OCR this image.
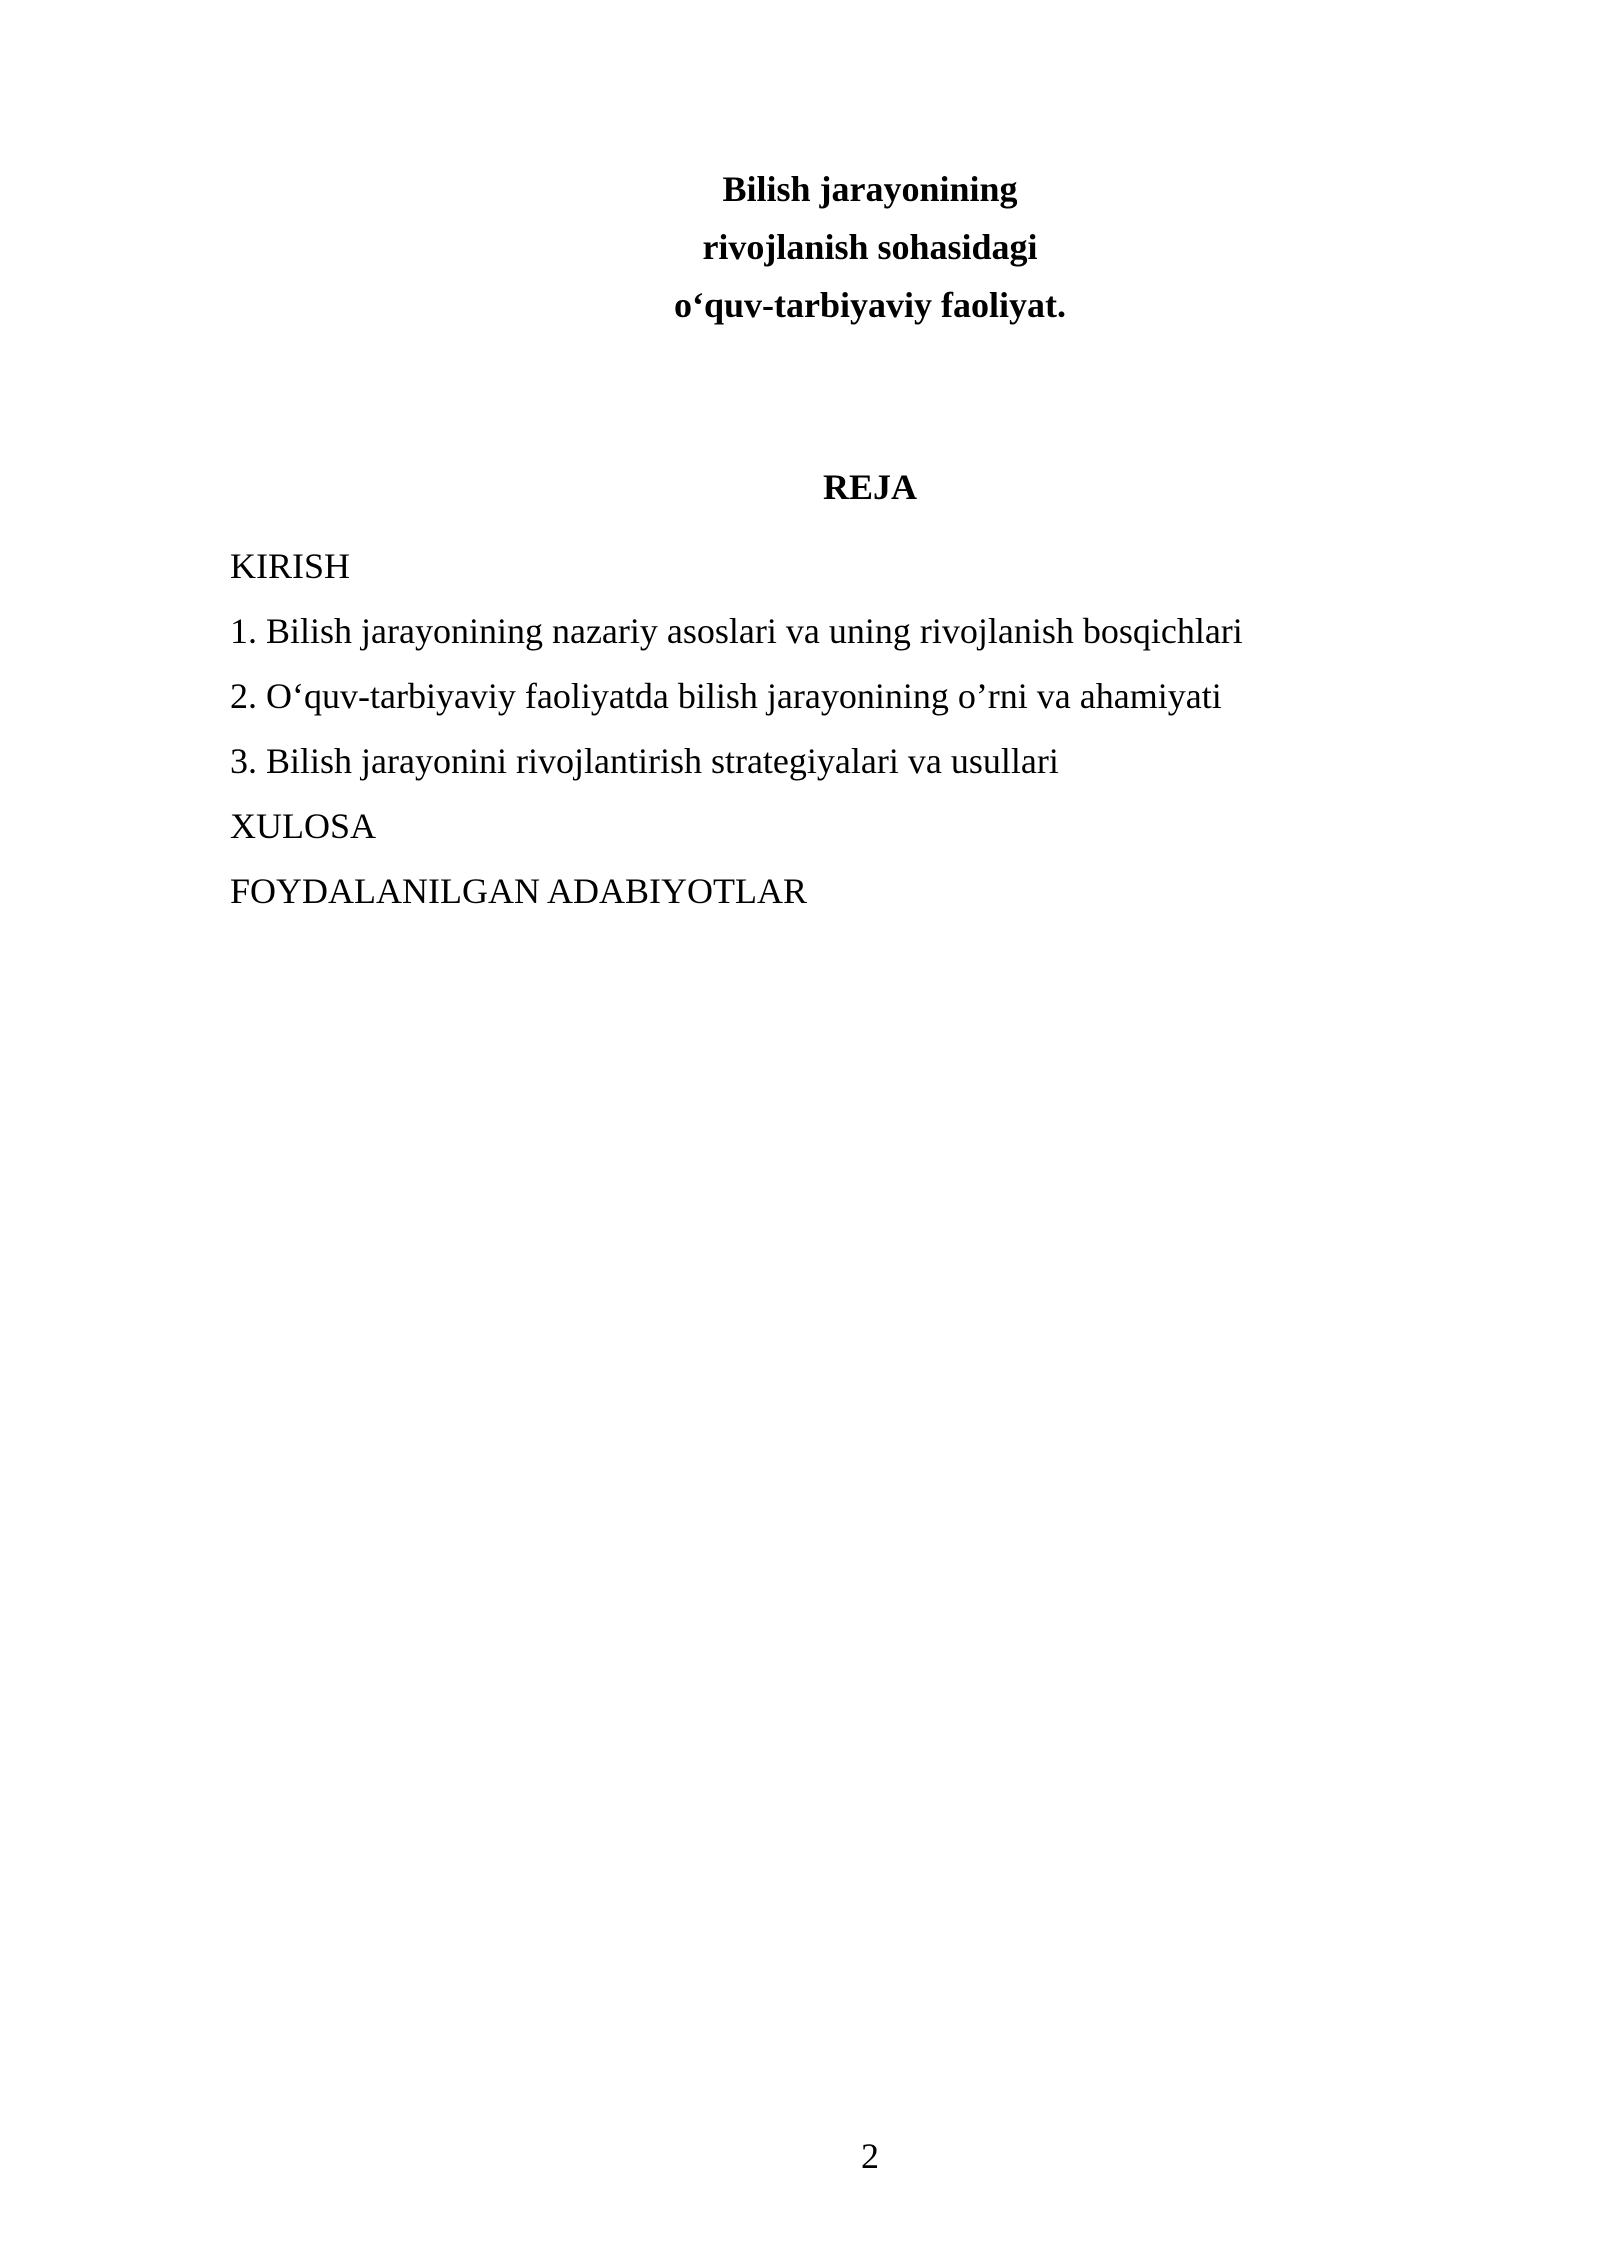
Bilish jarayonining
rivojlanish sohasidagi
o‘quv-tarbiyaviy faoliyat.
REJA
KIRISH
1. Bilish jarayonining nazariy asoslari va uning rivojlanish bosqichlari
2. O‘quv-tarbiyaviy faoliyatda bilish jarayonining o’rni va ahamiyati
3. Bilish jarayonini rivojlantirish strategiyalari va usullari
XULOSA
FOYDALANILGAN ADABIYOTLAR
2
